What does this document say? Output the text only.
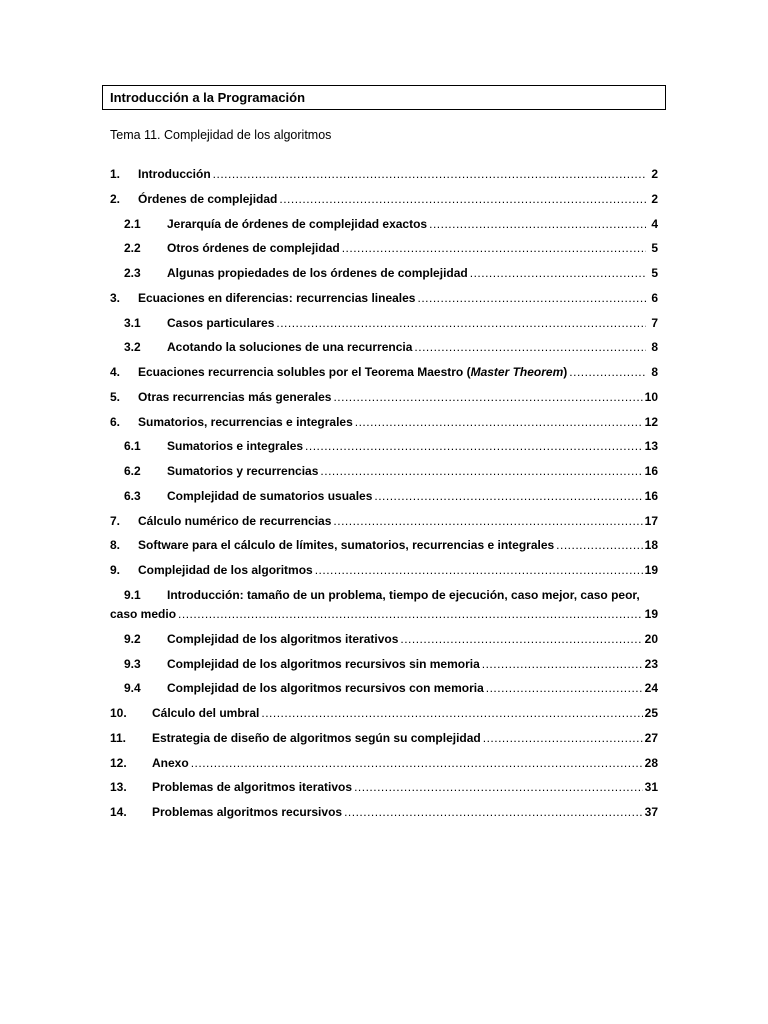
Introducción a la Programación
Tema 11. Complejidad de los algoritmos
1.	Introducción .....	2
2.	Órdenes de complejidad .....	2
2.1	Jerarquía de órdenes de complejidad exactos .....	4
2.2	Otros órdenes de complejidad .....	5
2.3	Algunas propiedades de los órdenes de complejidad .....	5
3.	Ecuaciones en diferencias: recurrencias lineales .....	6
3.1	Casos particulares .....	7
3.2	Acotando la soluciones de una recurrencia .....	8
4.	Ecuaciones recurrencia solubles por el Teorema Maestro (Master Theorem) .....	8
5.	Otras recurrencias más generales .....	10
6.	Sumatorios, recurrencias e integrales .....	12
6.1	Sumatorios e integrales .....	13
6.2	Sumatorios y recurrencias .....	16
6.3	Complejidad de sumatorios usuales .....	16
7.	Cálculo numérico de recurrencias .....	17
8.	Software para el cálculo de límites, sumatorios, recurrencias e integrales .....	18
9.	Complejidad de los algoritmos .....	19
9.1 Introducción: tamaño de un problema, tiempo de ejecución, caso mejor, caso peor,
caso medio .....	19
9.2	Complejidad de los algoritmos iterativos .....	20
9.3	Complejidad de los algoritmos recursivos sin memoria .....	23
9.4	Complejidad de los algoritmos recursivos con memoria .....	24
10.	Cálculo del umbral .....	25
11.	Estrategia de diseño de algoritmos según su complejidad .....	27
12.	Anexo .....	28
13.	Problemas de algoritmos iterativos .....	31
14.	Problemas algoritmos recursivos .....	37
